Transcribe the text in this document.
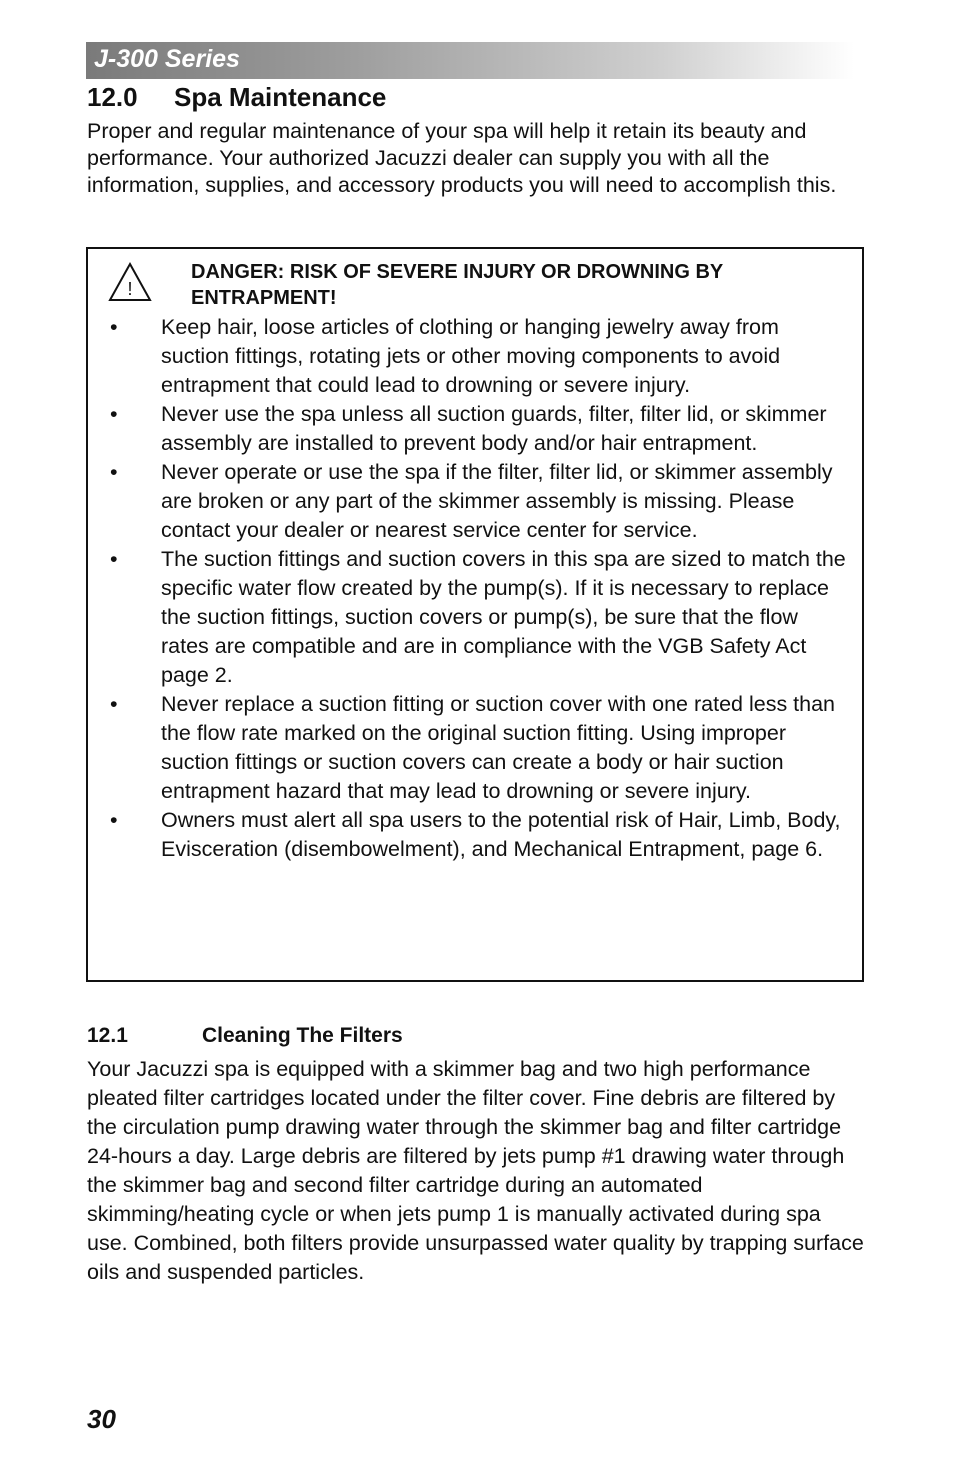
J-300 Series
12.0 Spa Maintenance
Proper and regular maintenance of your spa will help it retain its beauty and performance. Your authorized Jacuzzi dealer can supply you with all the information, supplies, and accessory products you will need to accomplish this.
!
DANGER: RISK OF SEVERE INJURY OR DROWNING BY ENTRAPMENT!
• Keep hair, loose articles of clothing or hanging jewelry away from suction fittings, rotating jets or other moving components to avoid entrapment that could lead to drowning or severe injury.
• Never use the spa unless all suction guards, filter, filter lid, or skimmer assembly are installed to prevent body and/or hair entrapment.
• Never operate or use the spa if the filter, filter lid, or skimmer assembly are broken or any part of the skimmer assembly is missing. Please contact your dealer or nearest service center for service.
• The suction fittings and suction covers in this spa are sized to match the specific water flow created by the pump(s). If it is necessary to replace the suction fittings, suction covers or pump(s), be sure that the flow rates are compatible and are in compliance with the VGB Safety Act page 2.
• Never replace a suction fitting or suction cover with one rated less than the flow rate marked on the original suction fitting. Using improper suction fittings or suction covers can create a body or hair suction entrapment hazard that may lead to drowning or severe injury.
• Owners must alert all spa users to the potential risk of Hair, Limb, Body, Evisceration (disembowelment), and Mechanical Entrapment, page 6.
12.1	Cleaning The Filters
Your Jacuzzi spa is equipped with a skimmer bag and two high performance pleated filter cartridges located under the filter cover. Fine debris are filtered by the circulation pump drawing water through the skimmer bag and filter cartridge 24-hours a day. Large debris are filtered by jets pump #1 drawing water through the skimmer bag and second filter cartridge during an automated skimming/heating cycle or when jets pump 1 is manually activated during spa use. Combined, both filters provide unsurpassed water quality by trapping surface oils and suspended particles.
30
